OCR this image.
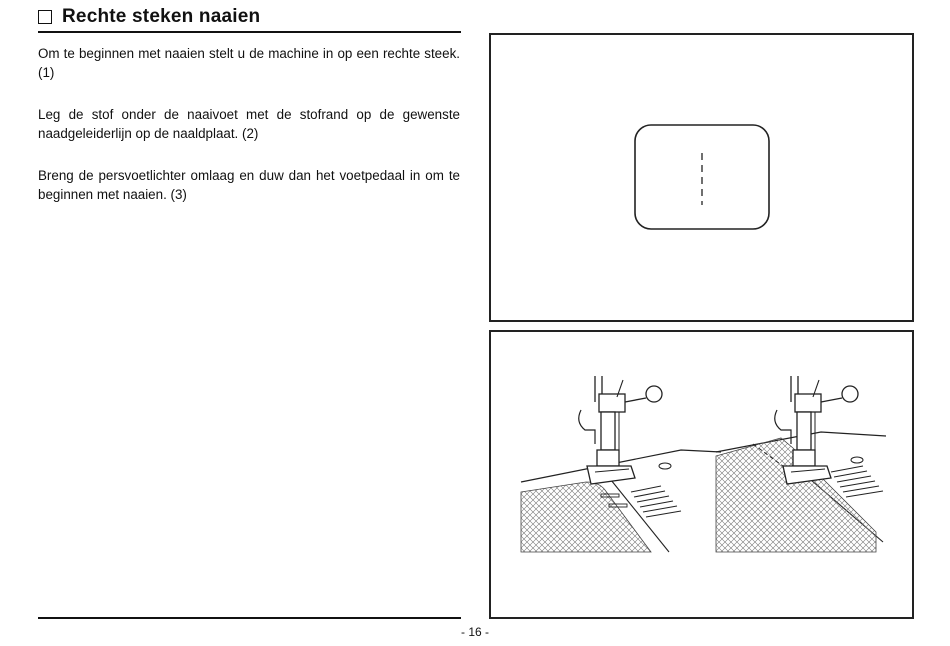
Rechte steken naaien

Om te beginnen met naaien stelt u de machine in op een rechte steek. (1)

Leg de stof onder de naaivoet met de stofrand op de gewenste naadgeleiderlijn op de naaldplaat. (2)

Breng de persvoetlichter omlaag en duw dan het voetpedaal in om te beginnen met naaien. (3)

- 16 -
